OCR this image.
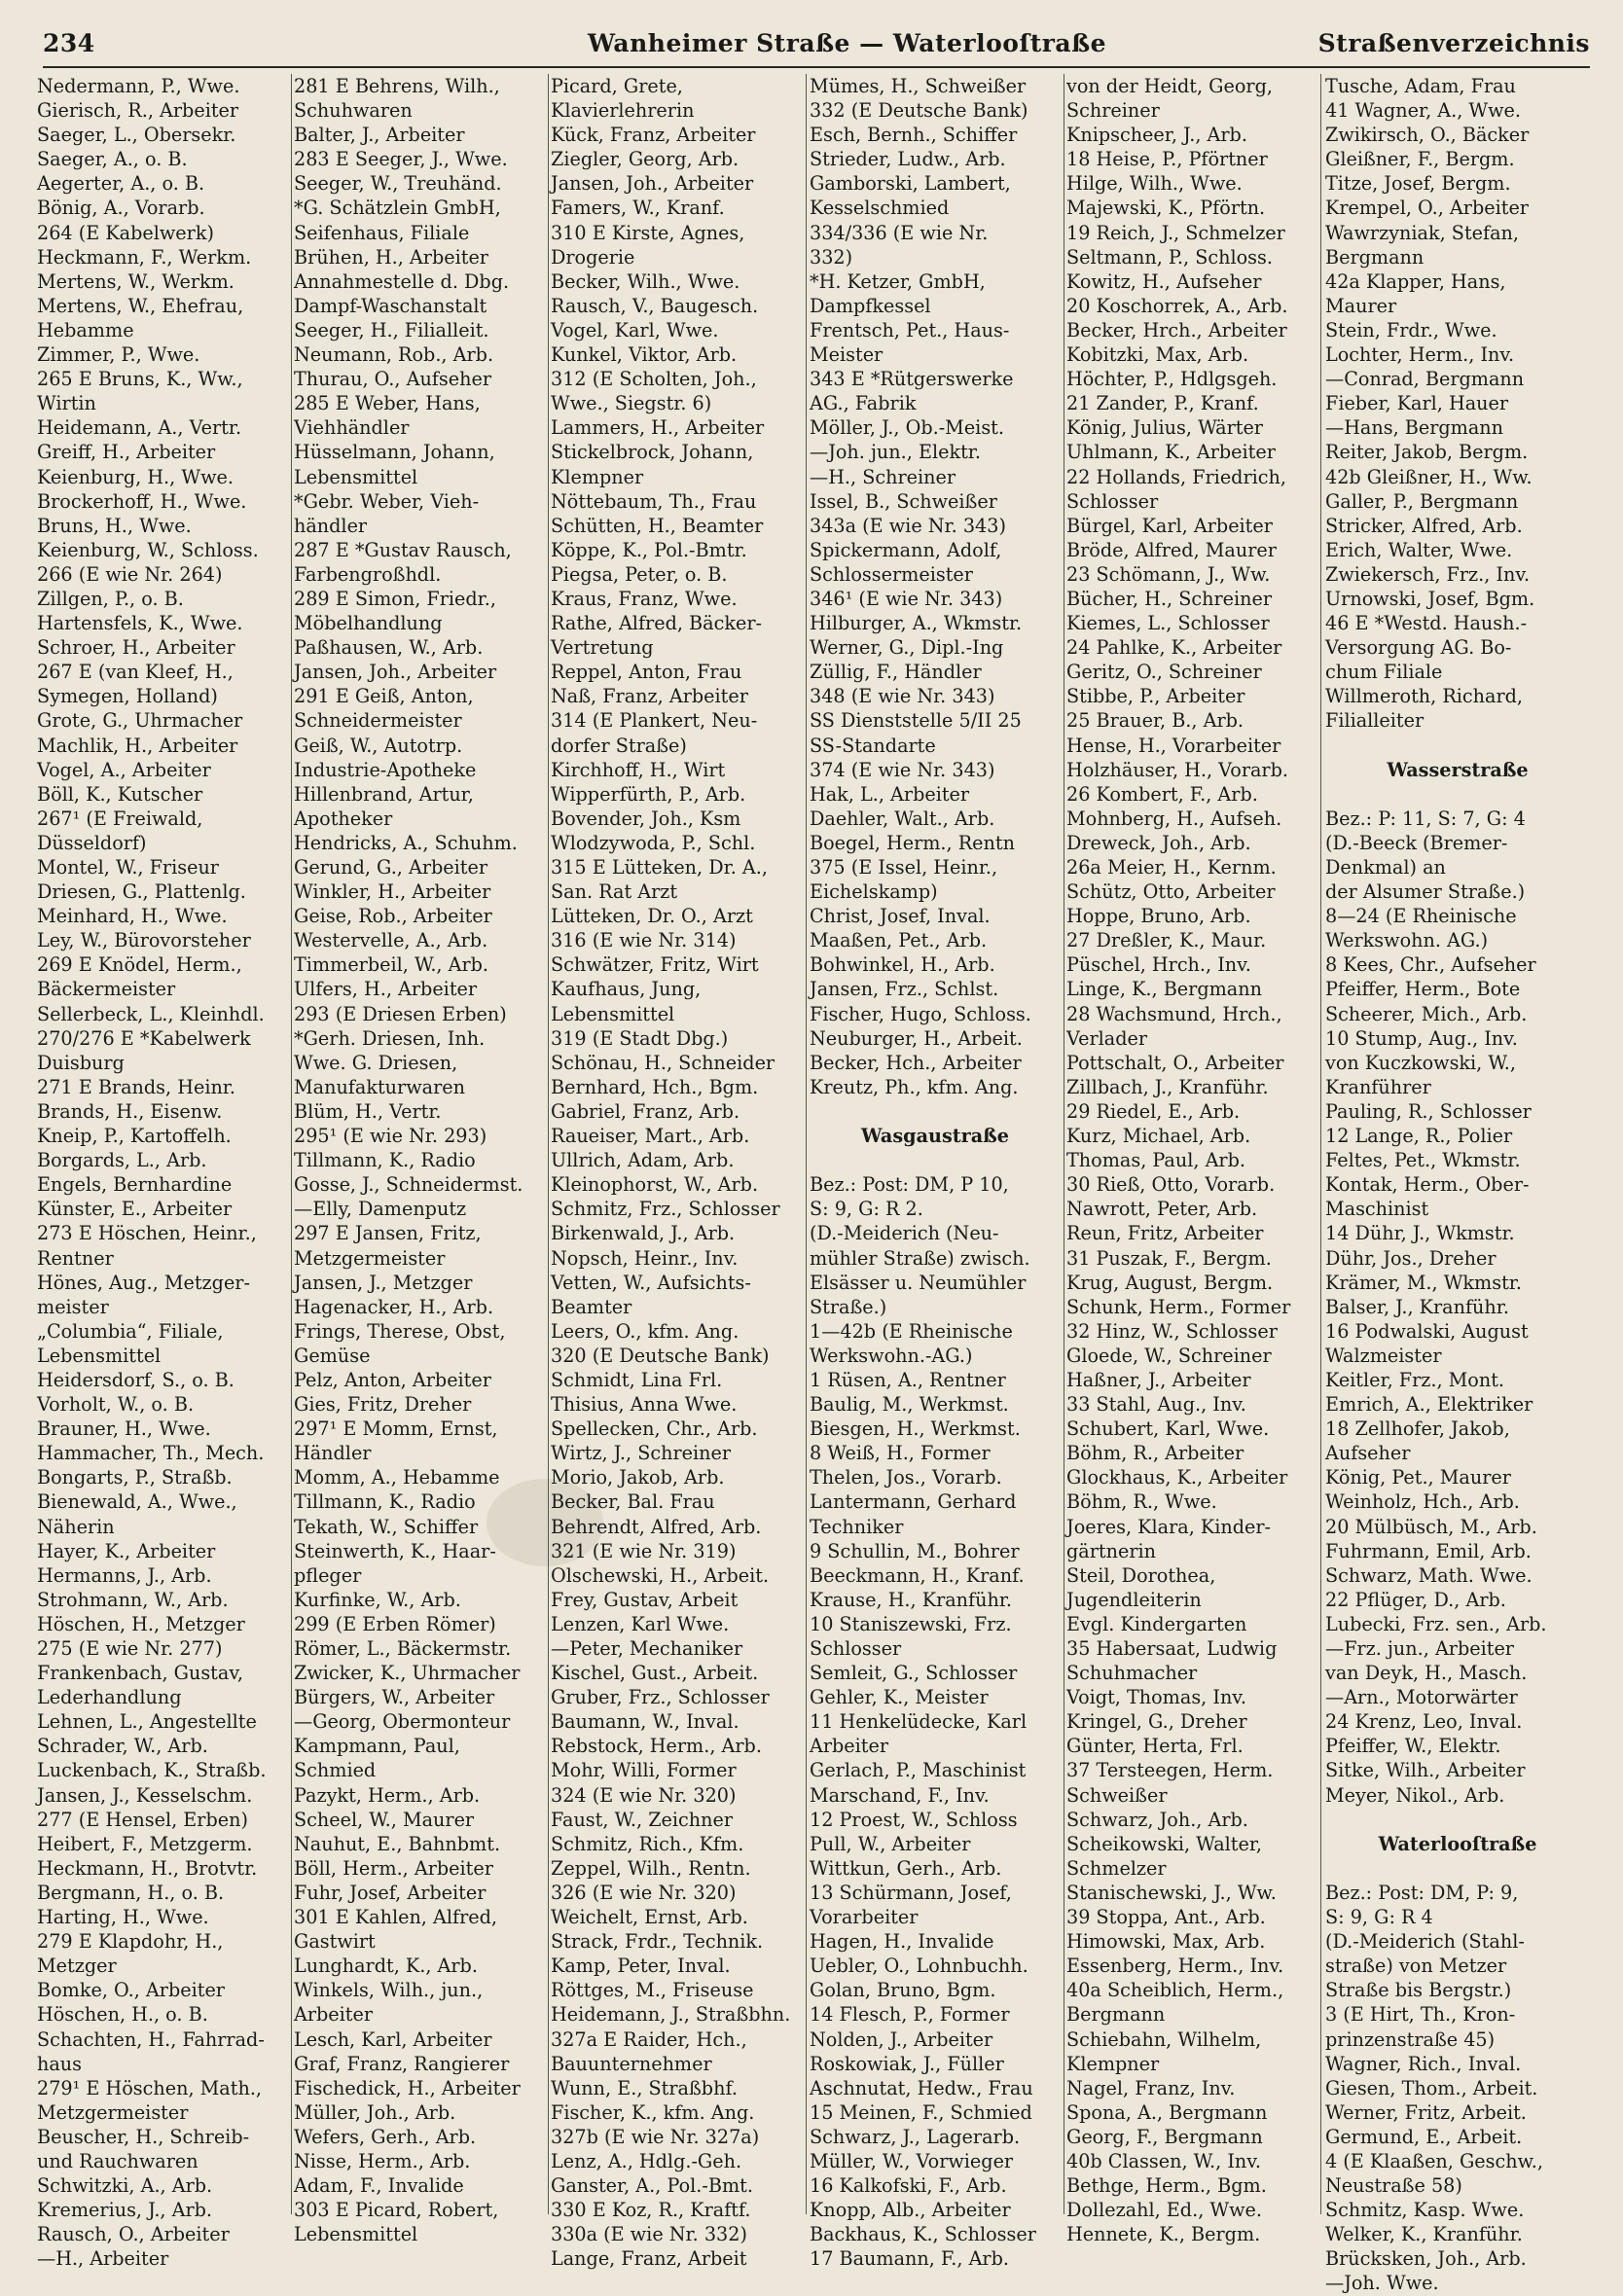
234	Wanheimer Straße — Waterlooſtraße	Straßenverzeichnis
Nedermann, P., Wwe.
Gierisch, R., Arbeiter
Saeger, L., Obersekr.
Saeger, A., o. B.
Aegerter, A., o. B.
Bönig, A., Vorarb.
264 (E Kabelwerk)
Heckmann, F., Werkm.
Mertens, W., Werkm.
Mertens, W., Ehefrau,
Hebamme
Zimmer, P., Wwe.
265 E Bruns, K., Ww.,
Wirtin
Heidemann, A., Vertr.
Greiff, H., Arbeiter
Keienburg, H., Wwe.
Brockerhoff, H., Wwe.
Bruns, H., Wwe.
Keienburg, W., Schloss.
266 (E wie Nr. 264)
Zillgen, P., o. B.
Hartensfels, K., Wwe.
Schroer, H., Arbeiter
267 E (van Kleef, H.,
Symegen, Holland)
Grote, G., Uhrmacher
Machlik, H., Arbeiter
Vogel, A., Arbeiter
Böll, K., Kutscher
267¹ (E Freiwald,
Düsseldorf)
Montel, W., Friseur
Driesen, G., Plattenlg.
Meinhard, H., Wwe.
Ley, W., Bürovorsteher
269 E Knödel, Herm.,
Bäckermeister
Sellerbeck, L., Kleinhdl.
270/276 E *Kabelwerk
Duisburg
271 E Brands, Heinr.
Brands, H., Eisenw.
Kneip, P., Kartoffelh.
Borgards, L., Arb.
Engels, Bernhardine
Künster, E., Arbeiter
273 E Höschen, Heinr.,
Rentner
Hönes, Aug., Metzger-
meister
„Columbia“, Filiale,
Lebensmittel
Heidersdorf, S., o. B.
Vorholt, W., o. B.
Brauner, H., Wwe.
Hammacher, Th., Mech.
Bongarts, P., Straßb.
Bienewald, A., Wwe.,
Näherin
Hayer, K., Arbeiter
Hermanns, J., Arb.
Strohmann, W., Arb.
Höschen, H., Metzger
275 (E wie Nr. 277)
Frankenbach, Gustav,
Lederhandlung
Lehnen, L., Angestellte
Schrader, W., Arb.
Luckenbach, K., Straßb.
Jansen, J., Kesselschm.
277 (E Hensel, Erben)
Heibert, F., Metzgerm.
Heckmann, H., Brotvtr.
Bergmann, H., o. B.
Harting, H., Wwe.
279 E Klapdohr, H.,
Metzger
Bomke, O., Arbeiter
Höschen, H., o. B.
Schachten, H., Fahrrad-
haus
279¹ E Höschen, Math.,
Metzgermeister
Beuscher, H., Schreib-
und Rauchwaren
Schwitzki, A., Arb.
Kremerius, J., Arb.
Rausch, O., Arbeiter
—H., Arbeiter
281 E Behrens, Wilh.,
Schuhwaren
Balter, J., Arbeiter
283 E Seeger, J., Wwe.
Seeger, W., Treuhänd.
*G. Schätzlein GmbH,
Seifenhaus, Filiale
Brühen, H., Arbeiter
Annahmestelle d. Dbg.
Dampf-Waschanstalt
Seeger, H., Filialleit.
Neumann, Rob., Arb.
Thurau, O., Aufseher
285 E Weber, Hans,
Viehhändler
Hüsselmann, Johann,
Lebensmittel
*Gebr. Weber, Vieh-
händler
287 E *Gustav Rausch,
Farbengroßhdl.
289 E Simon, Friedr.,
Möbelhandlung
Paßhausen, W., Arb.
Jansen, Joh., Arbeiter
291 E Geiß, Anton,
Schneidermeister
Geiß, W., Autotrp.
Industrie-Apotheke
Hillenbrand, Artur,
Apotheker
Hendricks, A., Schuhm.
Gerund, G., Arbeiter
Winkler, H., Arbeiter
Geise, Rob., Arbeiter
Westervelle, A., Arb.
Timmerbeil, W., Arb.
Ulfers, H., Arbeiter
293 (E Driesen Erben)
*Gerh. Driesen, Inh.
Wwe. G. Driesen,
Manufakturwaren
Blüm, H., Vertr.
295¹ (E wie Nr. 293)
Tillmann, K., Radio
Gosse, J., Schneidermst.
—Elly, Damenputz
297 E Jansen, Fritz,
Metzgermeister
Jansen, J., Metzger
Hagenacker, H., Arb.
Frings, Therese, Obst,
Gemüse
Pelz, Anton, Arbeiter
Gies, Fritz, Dreher
297¹ E Momm, Ernst,
Händler
Momm, A., Hebamme
Tillmann, K., Radio
Tekath, W., Schiffer
Steinwerth, K., Haar-
pfleger
Kurfinke, W., Arb.
299 (E Erben Römer)
Römer, L., Bäckermstr.
Zwicker, K., Uhrmacher
Bürgers, W., Arbeiter
—Georg, Obermonteur
Kampmann, Paul,
Schmied
Pazykt, Herm., Arb.
Scheel, W., Maurer
Nauhut, E., Bahnbmt.
Böll, Herm., Arbeiter
Fuhr, Josef, Arbeiter
301 E Kahlen, Alfred,
Gastwirt
Lunghardt, K., Arb.
Winkels, Wilh., jun.,
Arbeiter
Lesch, Karl, Arbeiter
Graf, Franz, Rangierer
Fischedick, H., Arbeiter
Müller, Joh., Arb.
Wefers, Gerh., Arb.
Nisse, Herm., Arb.
Adam, F., Invalide
303 E Picard, Robert,
Lebensmittel
Picard, Grete,
Klavierlehrerin
Kück, Franz, Arbeiter
Ziegler, Georg, Arb.
Jansen, Joh., Arbeiter
Famers, W., Kranf.
310 E Kirste, Agnes,
Drogerie
Becker, Wilh., Wwe.
Rausch, V., Baugesch.
Vogel, Karl, Wwe.
Kunkel, Viktor, Arb.
312 (E Scholten, Joh.,
Wwe., Siegstr. 6)
Lammers, H., Arbeiter
Stickelbrock, Johann,
Klempner
Nöttebaum, Th., Frau
Schütten, H., Beamter
Köppe, K., Pol.-Bmtr.
Piegsa, Peter, o. B.
Kraus, Franz, Wwe.
Rathe, Alfred, Bäcker-
Vertretung
Reppel, Anton, Frau
Naß, Franz, Arbeiter
314 (E Plankert, Neu-
dorfer Straße)
Kirchhoff, H., Wirt
Wipperfürth, P., Arb.
Bovender, Joh., Ksm
Wlodzywoda, P., Schl.
315 E Lütteken, Dr. A.,
San. Rat Arzt
Lütteken, Dr. O., Arzt
316 (E wie Nr. 314)
Schwätzer, Fritz, Wirt
Kaufhaus, Jung,
Lebensmittel
319 (E Stadt Dbg.)
Schönau, H., Schneider
Bernhard, Hch., Bgm.
Gabriel, Franz, Arb.
Raueiser, Mart., Arb.
Ullrich, Adam, Arb.
Kleinophorst, W., Arb.
Schmitz, Frz., Schlosser
Birkenwald, J., Arb.
Nopsch, Heinr., Inv.
Vetten, W., Aufsichts-
Beamter
Leers, O., kfm. Ang.
320 (E Deutsche Bank)
Schmidt, Lina Frl.
Thisius, Anna Wwe.
Spellecken, Chr., Arb.
Wirtz, J., Schreiner
Morio, Jakob, Arb.
Becker, Bal. Frau
Behrendt, Alfred, Arb.
321 (E wie Nr. 319)
Olschewski, H., Arbeit.
Frey, Gustav, Arbeit
Lenzen, Karl Wwe.
—Peter, Mechaniker
Kischel, Gust., Arbeit.
Gruber, Frz., Schlosser
Baumann, W., Inval.
Rebstock, Herm., Arb.
Mohr, Willi, Former
324 (E wie Nr. 320)
Faust, W., Zeichner
Schmitz, Rich., Kfm.
Zeppel, Wilh., Rentn.
326 (E wie Nr. 320)
Weichelt, Ernst, Arb.
Strack, Frdr., Technik.
Kamp, Peter, Inval.
Röttges, M., Friseuse
Heidemann, J., Straßbhn.
327a E Raider, Hch.,
Bauunternehmer
Wunn, E., Straßbhf.
Fischer, K., kfm. Ang.
327b (E wie Nr. 327a)
Lenz, A., Hdlg.-Geh.
Ganster, A., Pol.-Bmt.
330 E Koz, R., Kraftf.
330a (E wie Nr. 332)
Lange, Franz, Arbeit
Mümes, H., Schweißer
332 (E Deutsche Bank)
Esch, Bernh., Schiffer
Strieder, Ludw., Arb.
Gamborski, Lambert,
Kesselschmied
334/336 (E wie Nr.
332)
*H. Ketzer, GmbH,
Dampfkessel
Frentsch, Pet., Haus-
Meister
343 E *Rütgerswerke
AG., Fabrik
Möller, J., Ob.-Meist.
—Joh. jun., Elektr.
—H., Schreiner
Issel, B., Schweißer
343a (E wie Nr. 343)
Spickermann, Adolf,
Schlossermeister
346¹ (E wie Nr. 343)
Hilburger, A., Wkmstr.
Werner, G., Dipl.-Ing
Züllig, F., Händler
348 (E wie Nr. 343)
SS Dienststelle 5/II 25
SS-Standarte
374 (E wie Nr. 343)
Hak, L., Arbeiter
Daehler, Walt., Arb.
Boegel, Herm., Rentn
375 (E Issel, Heinr.,
Eichelskamp)
Christ, Josef, Inval.
Maaßen, Pet., Arb.
Bohwinkel, H., Arb.
Jansen, Frz., Schlst.
Fischer, Hugo, Schloss.
Neuburger, H., Arbeit.
Becker, Hch., Arbeiter
Kreutz, Ph., kfm. Ang.
Wasgaustraße
Bez.: Post: DM, P 10,
S: 9, G: R 2.
(D.-Meiderich (Neu-
mühler Straße) zwisch.
Elsässer u. Neumühler
Straße.)
1—42b (E Rheinische
Werkswohn.-AG.)
1 Rüsen, A., Rentner
Baulig, M., Werkmst.
Biesgen, H., Werkmst.
8 Weiß, H., Former
Thelen, Jos., Vorarb.
Lantermann, Gerhard
Techniker
9 Schullin, M., Bohrer
Beeckmann, H., Kranf.
Krause, H., Kranführ.
10 Staniszewski, Frz.
Schlosser
Semleit, G., Schlosser
Gehler, K., Meister
11 Henkelüdecke, Karl
Arbeiter
Gerlach, P., Maschinist
Marschand, F., Inv.
12 Proest, W., Schloss
Pull, W., Arbeiter
Wittkun, Gerh., Arb.
13 Schürmann, Josef,
Vorarbeiter
Hagen, H., Invalide
Uebler, O., Lohnbuchh.
Golan, Bruno, Bgm.
14 Flesch, P., Former
Nolden, J., Arbeiter
Roskowiak, J., Füller
Aschnutat, Hedw., Frau
15 Meinen, F., Schmied
Schwarz, J., Lagerarb.
Müller, W., Vorwieger
16 Kalkofski, F., Arb.
Knopp, Alb., Arbeiter
Backhaus, K., Schlosser
17 Baumann, F., Arb.
von der Heidt, Georg,
Schreiner
Knipscheer, J., Arb.
18 Heise, P., Pförtner
Hilge, Wilh., Wwe.
Majewski, K., Pförtn.
19 Reich, J., Schmelzer
Seltmann, P., Schloss.
Kowitz, H., Aufseher
20 Koschorrek, A., Arb.
Becker, Hrch., Arbeiter
Kobitzki, Max, Arb.
Höchter, P., Hdlgsgeh.
21 Zander, P., Kranf.
König, Julius, Wärter
Uhlmann, K., Arbeiter
22 Hollands, Friedrich,
Schlosser
Bürgel, Karl, Arbeiter
Bröde, Alfred, Maurer
23 Schömann, J., Ww.
Bücher, H., Schreiner
Kiemes, L., Schlosser
24 Pahlke, K., Arbeiter
Geritz, O., Schreiner
Stibbe, P., Arbeiter
25 Brauer, B., Arb.
Hense, H., Vorarbeiter
Holzhäuser, H., Vorarb.
26 Kombert, F., Arb.
Mohnberg, H., Aufseh.
Dreweck, Joh., Arb.
26a Meier, H., Kernm.
Schütz, Otto, Arbeiter
Hoppe, Bruno, Arb.
27 Dreßler, K., Maur.
Püschel, Hrch., Inv.
Linge, K., Bergmann
28 Wachsmund, Hrch.,
Verlader
Pottschalt, O., Arbeiter
Zillbach, J., Kranführ.
29 Riedel, E., Arb.
Kurz, Michael, Arb.
Thomas, Paul, Arb.
30 Rieß, Otto, Vorarb.
Nawrott, Peter, Arb.
Reun, Fritz, Arbeiter
31 Puszak, F., Bergm.
Krug, August, Bergm.
Schunk, Herm., Former
32 Hinz, W., Schlosser
Gloede, W., Schreiner
Haßner, J., Arbeiter
33 Stahl, Aug., Inv.
Schubert, Karl, Wwe.
Böhm, R., Arbeiter
Glockhaus, K., Arbeiter
Böhm, R., Wwe.
Joeres, Klara, Kinder-
gärtnerin
Steil, Dorothea,
Jugendleiterin
Evgl. Kindergarten
35 Habersaat, Ludwig
Schuhmacher
Voigt, Thomas, Inv.
Kringel, G., Dreher
Günter, Herta, Frl.
37 Tersteegen, Herm.
Schweißer
Schwarz, Joh., Arb.
Scheikowski, Walter,
Schmelzer
Stanischewski, J., Ww.
39 Stoppa, Ant., Arb.
Himowski, Max, Arb.
Essenberg, Herm., Inv.
40a Scheiblich, Herm.,
Bergmann
Schiebahn, Wilhelm,
Klempner
Nagel, Franz, Inv.
Spona, A., Bergmann
Georg, F., Bergmann
40b Classen, W., Inv.
Bethge, Herm., Bgm.
Dollezahl, Ed., Wwe.
Hennete, K., Bergm.
Tusche, Adam, Frau
41 Wagner, A., Wwe.
Zwikirsch, O., Bäcker
Gleißner, F., Bergm.
Titze, Josef, Bergm.
Krempel, O., Arbeiter
Wawrzyniak, Stefan,
Bergmann
42a Klapper, Hans,
Maurer
Stein, Frdr., Wwe.
Lochter, Herm., Inv.
—Conrad, Bergmann
Fieber, Karl, Hauer
—Hans, Bergmann
Reiter, Jakob, Bergm.
42b Gleißner, H., Ww.
Galler, P., Bergmann
Stricker, Alfred, Arb.
Erich, Walter, Wwe.
Zwiekersch, Frz., Inv.
Urnowski, Josef, Bgm.
46 E *Westd. Haush.-
Versorgung AG. Bo-
chum Filiale
Willmeroth, Richard,
Filialleiter
Wasserstraße
Bez.: P: 11, S: 7, G: 4
(D.-Beeck (Bremer-
Denkmal) an
der Alsumer Straße.)
8—24 (E Rheinische
Werkswohn. AG.)
8 Kees, Chr., Aufseher
Pfeiffer, Herm., Bote
Scheerer, Mich., Arb.
10 Stump, Aug., Inv.
von Kuczkowski, W.,
Kranführer
Pauling, R., Schlosser
12 Lange, R., Polier
Feltes, Pet., Wkmstr.
Kontak, Herm., Ober-
Maschinist
14 Dühr, J., Wkmstr.
Dühr, Jos., Dreher
Krämer, M., Wkmstr.
Balser, J., Kranführ.
16 Podwalski, August
Walzmeister
Keitler, Frz., Mont.
Emrich, A., Elektriker
18 Zellhofer, Jakob,
Aufseher
König, Pet., Maurer
Weinholz, Hch., Arb.
20 Mülbüsch, M., Arb.
Fuhrmann, Emil, Arb.
Schwarz, Math. Wwe.
22 Pflüger, D., Arb.
Lubecki, Frz. sen., Arb.
—Frz. jun., Arbeiter
van Deyk, H., Masch.
—Arn., Motorwärter
24 Krenz, Leo, Inval.
Pfeiffer, W., Elektr.
Sitke, Wilh., Arbeiter
Meyer, Nikol., Arb.
Waterlooſtraße
Bez.: Post: DM, P: 9,
S: 9, G: R 4
(D.-Meiderich (Stahl-
straße) von Metzer
Straße bis Bergstr.)
3 (E Hirt, Th., Kron-
prinzenstraße 45)
Wagner, Rich., Inval.
Giesen, Thom., Arbeit.
Werner, Fritz, Arbeit.
Germund, E., Arbeit.
4 (E Klaaßen, Geschw.,
Neustraße 58)
Schmitz, Kasp. Wwe.
Welker, K., Kranführ.
Brücksken, Joh., Arb.
—Joh. Wwe.
